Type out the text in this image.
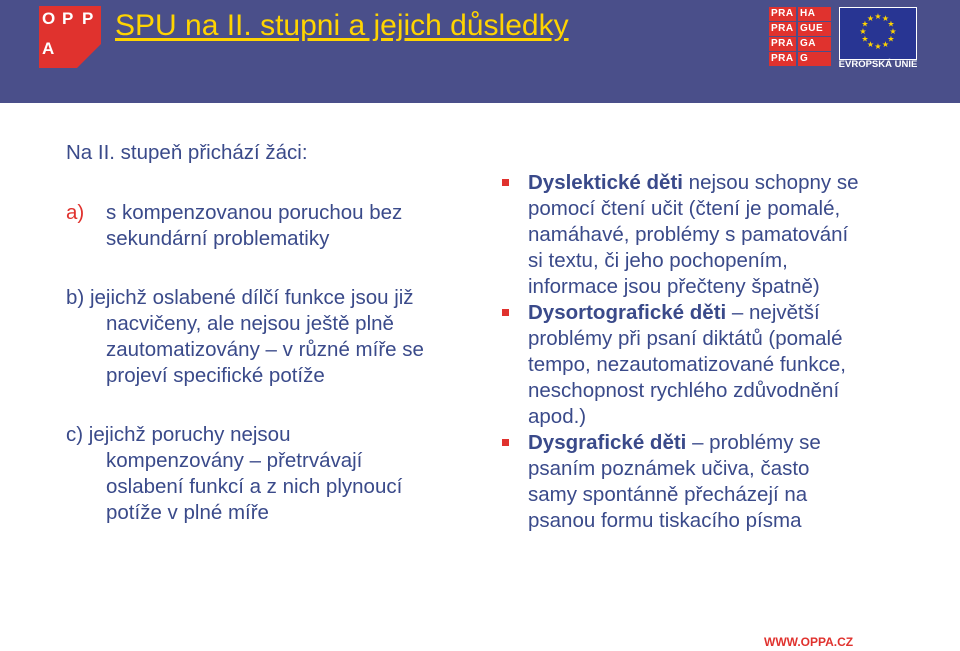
O P P
A
SPU na II. stupni a jejich důsledky	PRA HA
PRA GUE
PRA GA
PRA G
★ ★
★
★
★
★
★
★
★
★
★
★
EVROPSKÁ UNIE

Na II. stupeň přichází žáci:

a) s kompenzovanou poruchou bez
sekundární problematiky

b) jejichž oslabené dílčí funkce jsou již
nacvičeny, ale nejsou ještě plně
zautomatizovány – v různé míře se
projeví specifické potíže

c) jejichž poruchy nejsou
kompenzovány – přetrvávají
oslabení funkcí a z nich plynoucí
potíže v plné míře

Dyslektické děti nejsou schopny se
pomocí čtení učit (čtení je pomalé,
namáhavé, problémy s pamatování
si textu, či jeho pochopením,
informace jsou přečteny špatně)

Dysortografické děti – největší
problémy při psaní diktátů (pomalé
tempo, nezautomatizované funkce,
neschopnost rychlého zdůvodnění
apod.)

Dysgrafické děti – problémy se
psaním poznámek učiva, často
samy spontánně přecházejí na
psanou formu tiskacího písma

WWW.OPPA.CZ
